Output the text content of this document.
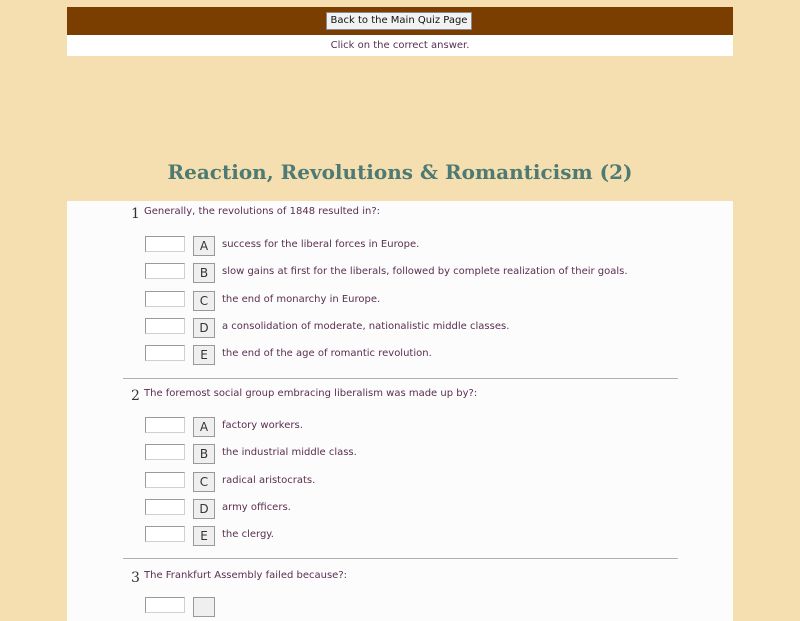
Back to the Main Quiz Page
Click on the correct answer.
Reaction, Revolutions & Romanticism (2)
1 Generally, the revolutions of 1848 resulted in?:
A	success for the liberal forces in Europe.
B	slow gains at first for the liberals, followed by complete realization of their goals.
C	the end of monarchy in Europe.
D	a consolidation of moderate, nationalistic middle classes.
E	the end of the age of romantic revolution.
2 The foremost social group embracing liberalism was made up by?:
A	factory workers.
B	the industrial middle class.
C	radical aristocrats.
D	army officers.
E	the clergy.
3 The Frankfurt Assembly failed because?:
